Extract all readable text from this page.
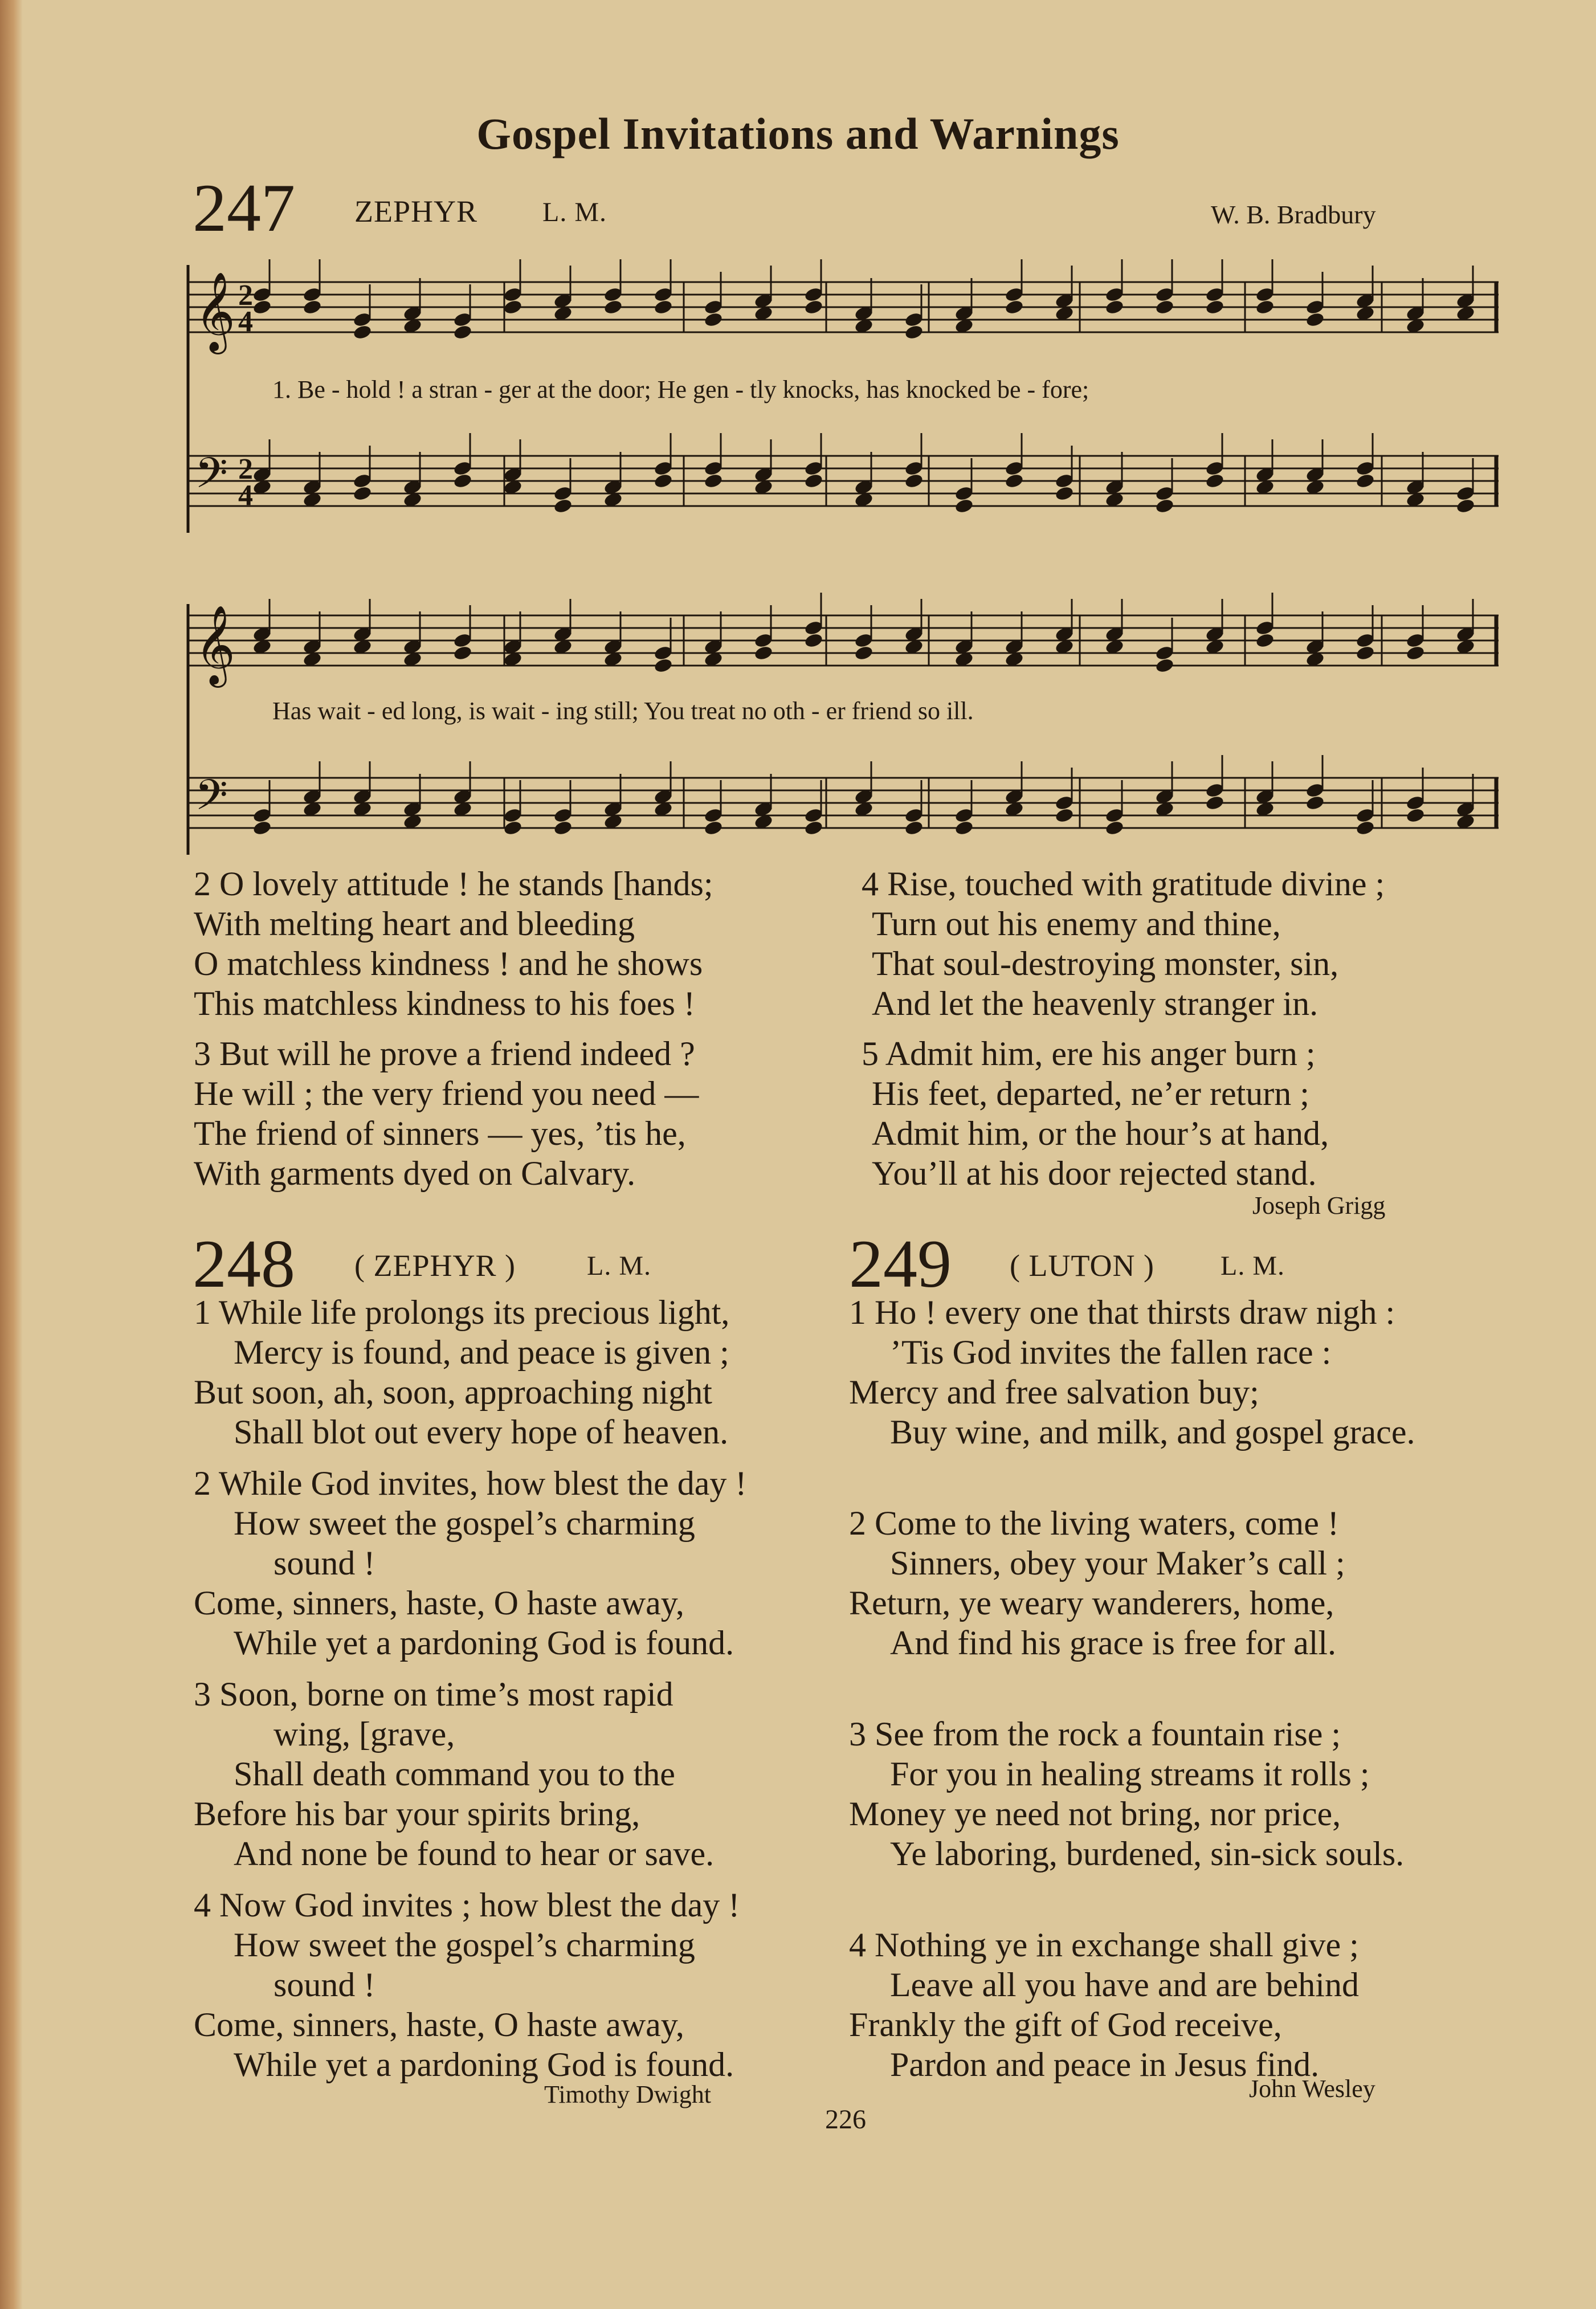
Gospel Invitations and Warnings
247 ZEPHYR L. M.	W. B. Bradbury
𝄞 2
4
𝄢 2
4
1. Be - hold ! a stran - ger at the door; He gen - tly knocks, has knocked be - fore;
𝄞
𝄢
Has wait - ed long, is wait - ing still; You treat no oth - er friend so ill.
2 O lovely attitude ! he stands [hands;
With melting heart and bleeding
O matchless kindness ! and he shows
This matchless kindness to his foes !
3 But will he prove a friend indeed ?
He will ; the very friend you need —
The friend of sinners — yes, ’tis he,
With garments dyed on Calvary.
4 Rise, touched with gratitude divine ;
Turn out his enemy and thine,
That soul-destroying monster, sin,
And let the heavenly stranger in.
5 Admit him, ere his anger burn ;
His feet, departed, ne’er return ;
Admit him, or the hour’s at hand,
You’ll at his door rejected stand.
Joseph Grigg
248 ( ZEPHYR )	L. M.
1 While life prolongs its precious light,
Mercy is found, and peace is given ;
But soon, ah, soon, approaching night
Shall blot out every hope of heaven.
2 While God invites, how blest the day !
How sweet the gospel’s charming
sound !
Come, sinners, haste, O haste away,
While yet a pardoning God is found.
3 Soon, borne on time’s most rapid
wing, [grave,
Shall death command you to the
Before his bar your spirits bring,
And none be found to hear or save.
4 Now God invites ; how blest the day !
How sweet the gospel’s charming
sound !
Come, sinners, haste, O haste away,
While yet a pardoning God is found.
Timothy Dwight
249 ( LUTON ) L. M.
1 Ho ! every one that thirsts draw nigh :
’Tis God invites the fallen race :
Mercy and free salvation buy;
Buy wine, and milk, and gospel grace.
2 Come to the living waters, come !
Sinners, obey your Maker’s call ;
Return, ye weary wanderers, home,
And find his grace is free for all.
3 See from the rock a fountain rise ;
For you in healing streams it rolls ;
Money ye need not bring, nor price,
Ye laboring, burdened, sin-sick souls.
4 Nothing ye in exchange shall give ;
Leave all you have and are behind
Frankly the gift of God receive,
Pardon and peace in Jesus find.
John Wesley
226
